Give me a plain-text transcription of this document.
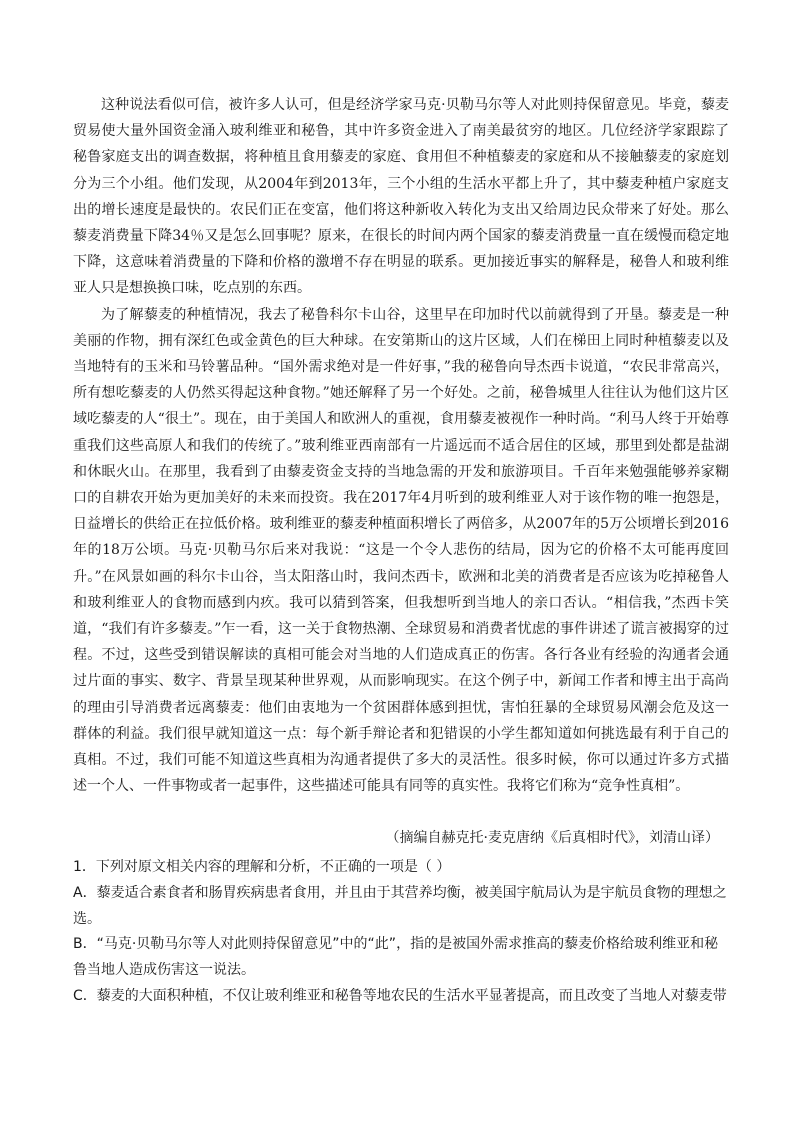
这种说法看似可信，被许多人认可，但是经济学家马克·贝勒马尔等人对此则持保留意见。毕竟，藜麦贸易使大量外国资金涌入玻利维亚和秘鲁，其中许多资金进入了南美最贫穷的地区。几位经济学家跟踪了秘鲁家庭支出的调查数据，将种植且食用藜麦的家庭、食用但不种植藜麦的家庭和从不接触藜麦的家庭划分为三个小组。他们发现，从2004年到2013年，三个小组的生活水平都上升了，其中藜麦种植户家庭支出的增长速度是最快的。农民们正在变富，他们将这种新收入转化为支出又给周边民众带来了好处。那么藜麦消费量下降34％又是怎么回事呢？原来，在很长的时间内两个国家的藜麦消费量一直在缓慢而稳定地下降，这意味着消费量的下降和价格的激增不存在明显的联系。更加接近事实的解释是，秘鲁人和玻利维亚人只是想换换口味，吃点别的东西。

为了解藜麦的种植情况，我去了秘鲁科尔卡山谷，这里早在印加时代以前就得到了开垦。藜麦是一种美丽的作物，拥有深红色或金黄色的巨大种球。在安第斯山的这片区域，人们在梯田上同时种植藜麦以及当地特有的玉米和马铃薯品种。“国外需求绝对是一件好事，”我的秘鲁向导杰西卡说道，“农民非常高兴，所有想吃藜麦的人仍然买得起这种食物。”她还解释了另一个好处。之前，秘鲁城里人往往认为他们这片区域吃藜麦的人“很土”。现在，由于美国人和欧洲人的重视，食用藜麦被视作一种时尚。“利马人终于开始尊重我们这些高原人和我们的传统了。”玻利维亚西南部有一片遥远而不适合居住的区域，那里到处都是盐湖和休眠火山。在那里，我看到了由藜麦资金支持的当地急需的开发和旅游项目。千百年来勉强能够养家糊口的自耕农开始为更加美好的未来而投资。我在2017年4月听到的玻利维亚人对于该作物的唯一抱怨是，日益增长的供给正在拉低价格。玻利维亚的藜麦种植面积增长了两倍多，从2007年的5万公顷增长到2016年的18万公顷。马克·贝勒马尔后来对我说：“这是一个令人悲伤的结局，因为它的价格不太可能再度回升。”在风景如画的科尔卡山谷，当太阳落山时，我问杰西卡，欧洲和北美的消费者是否应该为吃掉秘鲁人和玻利维亚人的食物而感到内疚。我可以猜到答案，但我想听到当地人的亲口否认。“相信我，”杰西卡笑道，“我们有许多藜麦。”乍一看，这一关于食物热潮、全球贸易和消费者忧虑的事件讲述了谎言被揭穿的过程。不过，这些受到错误解读的真相可能会对当地的人们造成真正的伤害。各行各业有经验的沟通者会通过片面的事实、数字、背景呈现某种世界观，从而影响现实。在这个例子中，新闻工作者和博主出于高尚的理由引导消费者远离藜麦：他们由衷地为一个贫困群体感到担忧，害怕狂暴的全球贸易风潮会危及这一群体的利益。我们很早就知道这一点：每个新手辩论者和犯错误的小学生都知道如何挑选最有利于自己的真相。不过，我们可能不知道这些真相为沟通者提供了多大的灵活性。很多时候，你可以通过许多方式描述一个人、一件事物或者一起事件，这些描述可能具有同等的真实性。我将它们称为“竞争性真相”。

（摘编自赫克托·麦克唐纳《后真相时代》，刘清山译）

1．下列对原文相关内容的理解和分析，不正确的一项是（ ）

A．藜麦适合素食者和肠胃疾病患者食用，并且由于其营养均衡，被美国宇航局认为是宇航员食物的理想之选。

B．“马克·贝勒马尔等人对此则持保留意见”中的“此”，指的是被国外需求推高的藜麦价格给玻利维亚和秘鲁当地人造成伤害这一说法。

C．藜麦的大面积种植，不仅让玻利维亚和秘鲁等地农民的生活水平显著提高，而且改变了当地人对藜麦带
